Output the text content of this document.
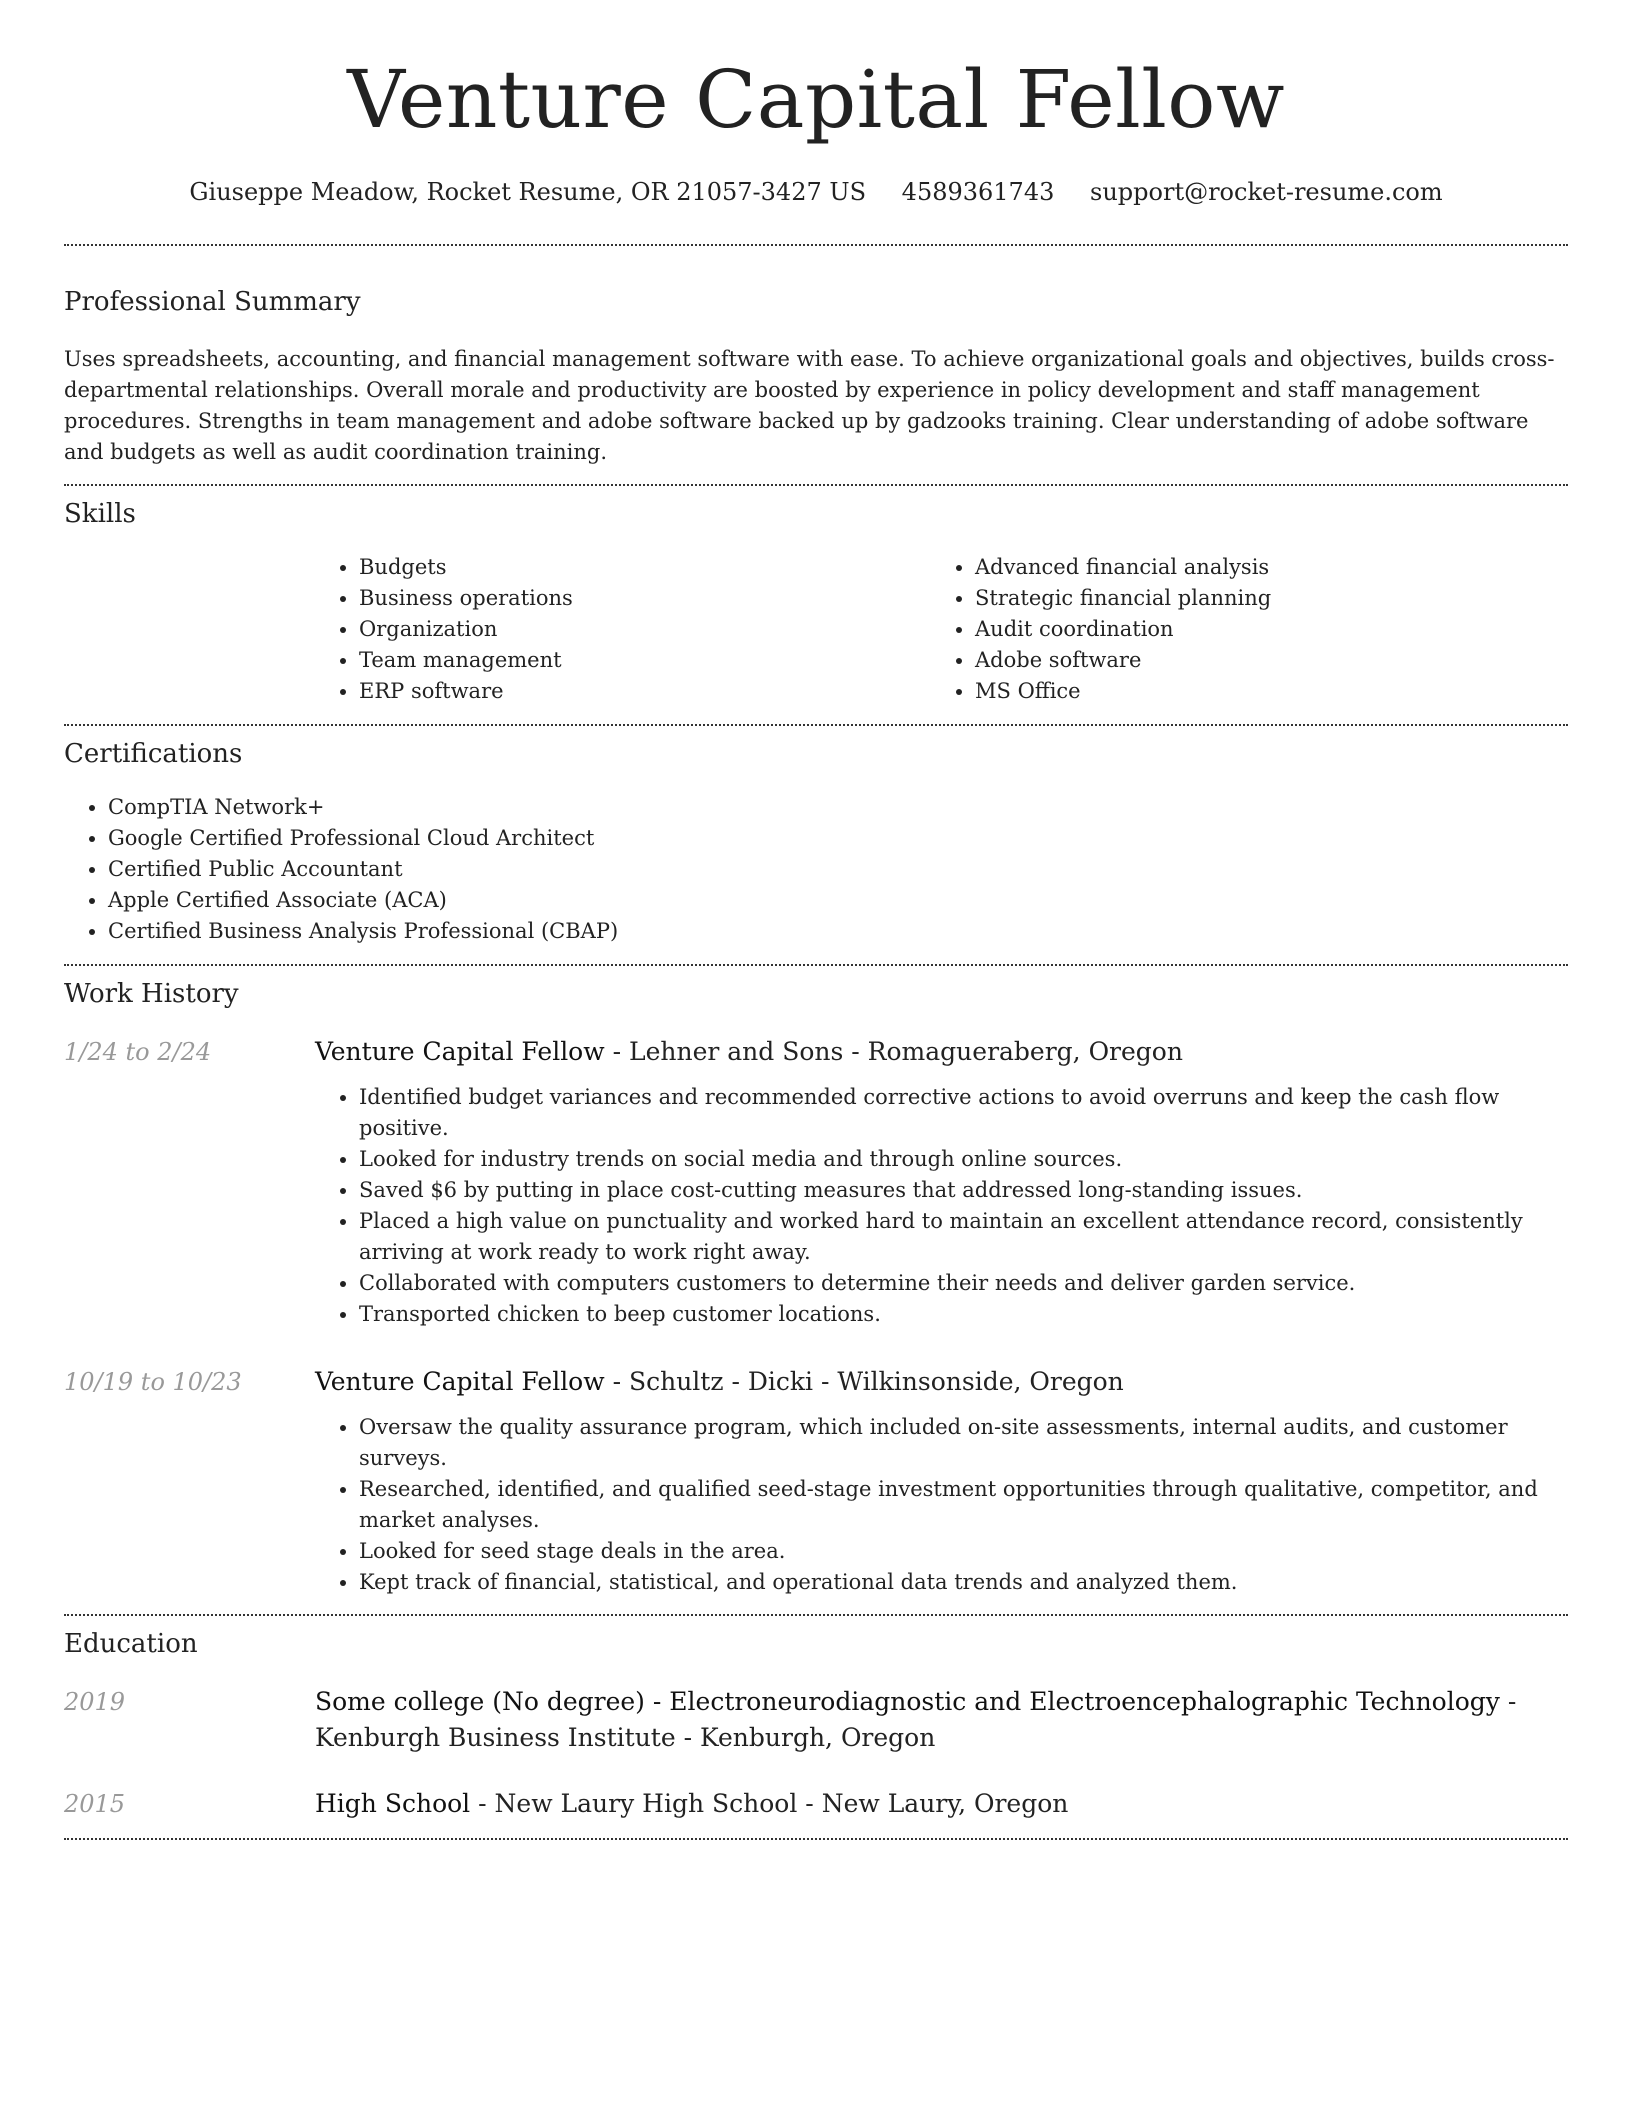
Venture Capital Fellow
Giuseppe Meadow, Rocket Resume, OR 21057-3427 US 4589361743 support@rocket-resume.com
Professional Summary

Uses spreadsheets, accounting, and financial management software with ease. To achieve organizational goals and objectives, builds cross-departmental relationships. Overall morale and productivity are boosted by experience in policy development and staff management procedures. Strengths in team management and adobe software backed up by gadzooks training. Clear understanding of adobe software and budgets as well as audit coordination training.

Skills
• Budgets
• Business operations
• Organization
• Team management
• ERP software
• Advanced financial analysis
• Strategic financial planning
• Audit coordination
• Adobe software
• MS Office
Certifications
• CompTIA Network+
• Google Certified Professional Cloud Architect
• Certified Public Accountant
• Apple Certified Associate (ACA)
• Certified Business Analysis Professional (CBAP)
Work History
1/24 to 2/24	Venture Capital Fellow - Lehner and Sons - Romagueraberg, Oregon

• Identified budget variances and recommended corrective actions to avoid overruns and keep the cash flow positive.
• Looked for industry trends on social media and through online sources.
• Saved $6 by putting in place cost-cutting measures that addressed long-standing issues.
• Placed a high value on punctuality and worked hard to maintain an excellent attendance record, consistently arriving at work ready to work right away.
• Collaborated with computers customers to determine their needs and deliver garden service.
• Transported chicken to beep customer locations.
10/19 to 10/23	Venture Capital Fellow - Schultz - Dicki - Wilkinsonside, Oregon

• Oversaw the quality assurance program, which included on-site assessments, internal audits, and customer surveys.
• Researched, identified, and qualified seed-stage investment opportunities through qualitative, competitor, and market analyses.
• Looked for seed stage deals in the area.
• Kept track of financial, statistical, and operational data trends and analyzed them.
Education
2019	Some college (No degree) - Electroneurodiagnostic and Electroencephalographic Technology - Kenburgh Business Institute - Kenburgh, Oregon

2015	High School - New Laury High School - New Laury, Oregon
